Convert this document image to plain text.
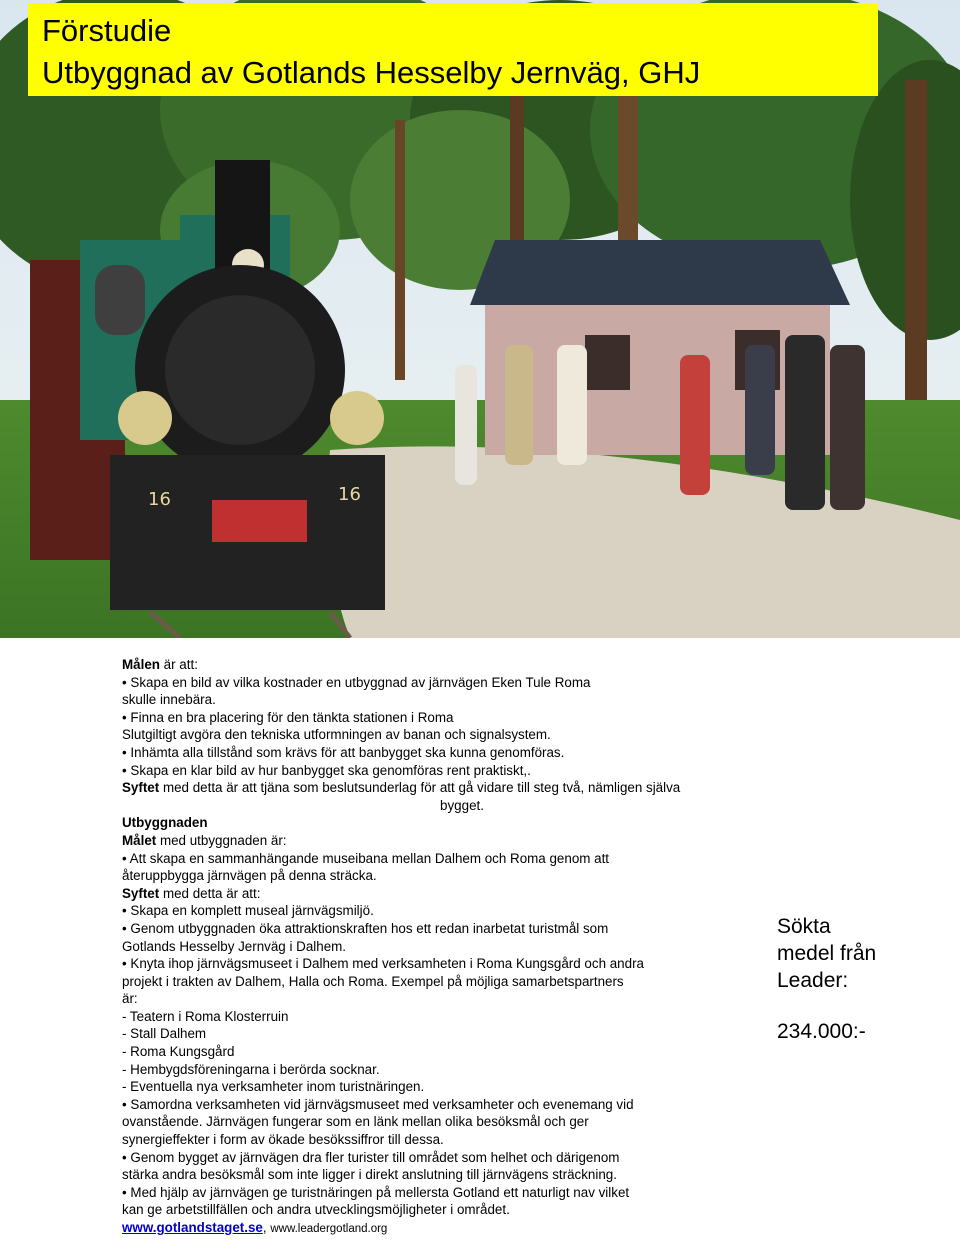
16	16
Förstudie
Utbyggnad av Gotlands Hesselby Jernväg, GHJ
Målen är att:
• Skapa en bild av vilka kostnader en utbyggnad av järnvägen Eken Tule Roma
skulle innebära.
• Finna en bra placering för den tänkta stationen i Roma
Slutgiltigt avgöra den tekniska utformningen av banan och signalsystem.
• Inhämta alla tillstånd som krävs för att banbygget ska kunna genomföras.
• Skapa en klar bild av hur banbygget ska genomföras rent praktiskt,.
Syftet med detta är att tjäna som beslutsunderlag för att gå vidare till steg två, nämligen själva
bygget.
Utbyggnaden
Målet med utbyggnaden är:
• Att skapa en sammanhängande museibana mellan Dalhem och Roma genom att
återuppbygga järnvägen på denna sträcka.
Syftet med detta är att:
• Skapa en komplett museal järnvägsmiljö.
• Genom utbyggnaden öka attraktionskraften hos ett redan inarbetat turistmål som
Gotlands Hesselby Jernväg i Dalhem.
• Knyta ihop järnvägsmuseet i Dalhem med verksamheten i Roma Kungsgård och andra
projekt i trakten av Dalhem, Halla och Roma. Exempel på möjliga samarbetspartners
är:
- Teatern i Roma Klosterruin
- Stall Dalhem
- Roma Kungsgård
- Hembygdsföreningarna i berörda socknar.
- Eventuella nya verksamheter inom turistnäringen.
• Samordna verksamheten vid järnvägsmuseet med verksamheter och evenemang vid
ovanstående. Järnvägen fungerar som en länk mellan olika besöksmål och ger
synergieffekter i form av ökade besökssiffror till dessa.
• Genom bygget av järnvägen dra fler turister till området som helhet och därigenom
stärka andra besöksmål som inte ligger i direkt anslutning till järnvägens sträckning.
• Med hjälp av järnvägen ge turistnäringen på mellersta Gotland ett naturligt nav vilket
kan ge arbetstillfällen och andra utvecklingsmöjligheter i området.
www.gotlandstaget.se, www.leadergotland.org
Sökta
medel från
Leader:
234.000:-
